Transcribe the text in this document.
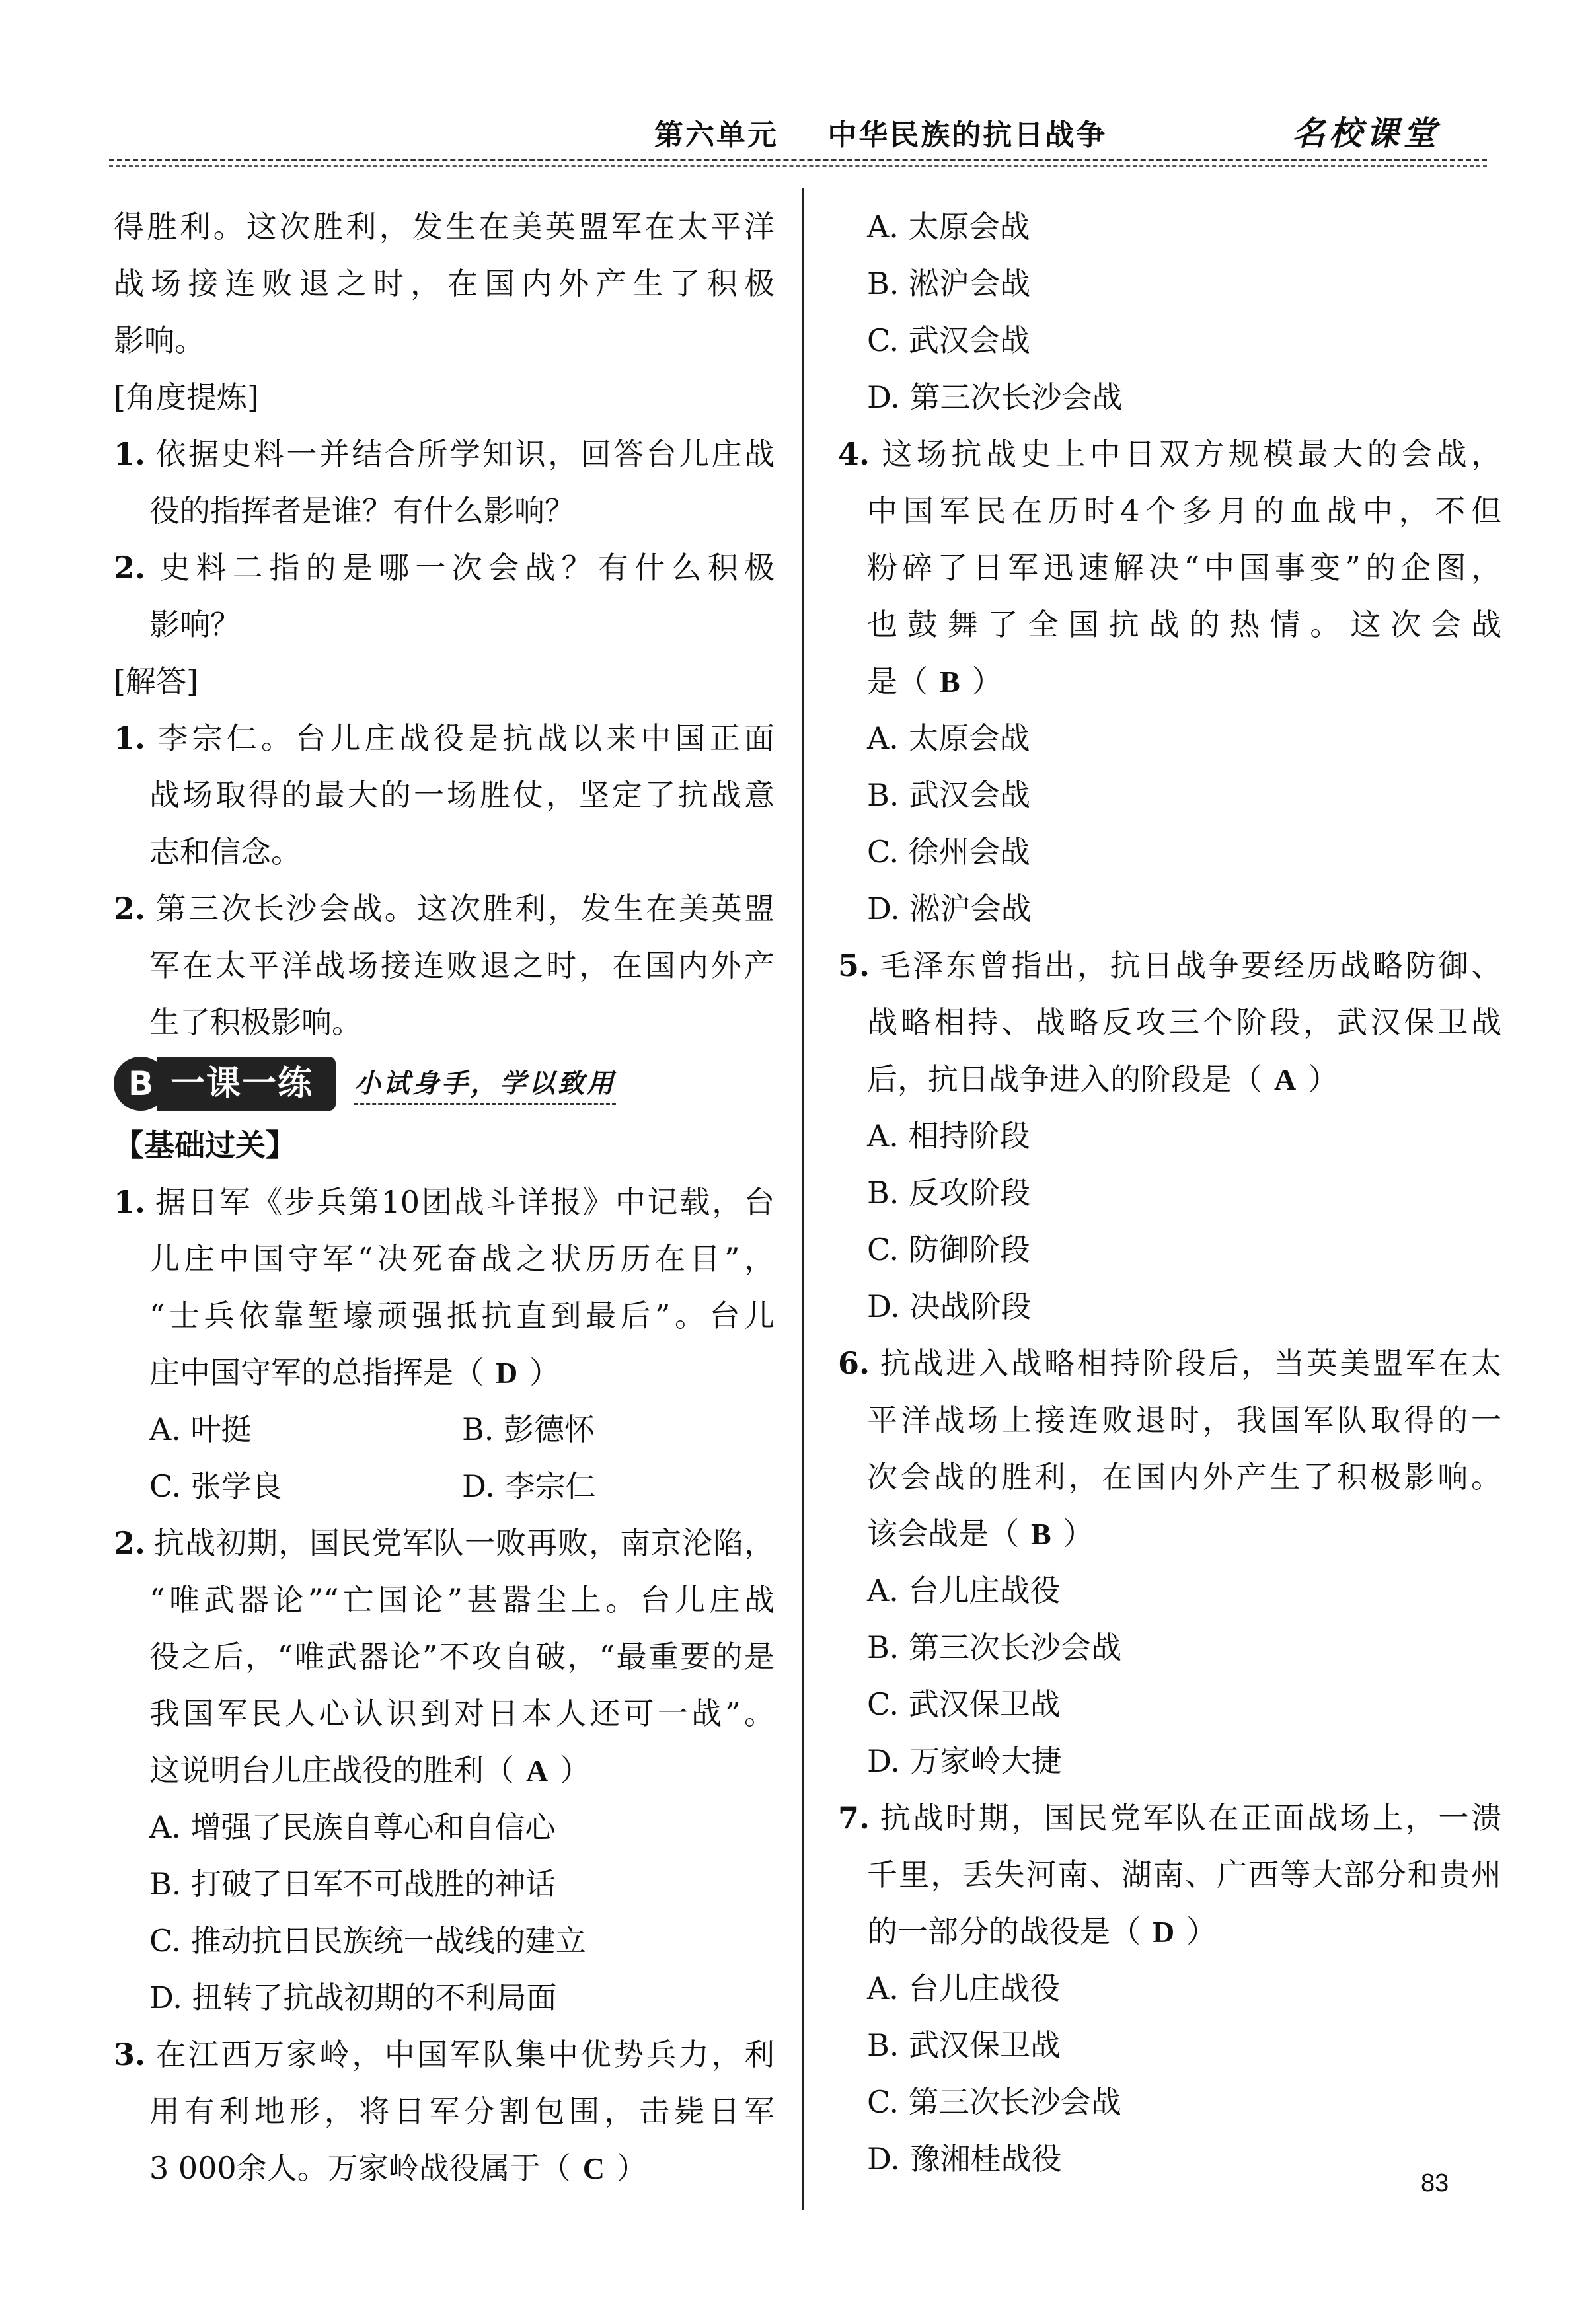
第六单元 中华民族的抗日战争	名校课堂
得胜利。这次胜利，发生在美英盟军在太平洋
战场接连败退之时，在国内外产生了积极
影响。
[角度提炼]
1. 依据史料一并结合所学知识，回答台儿庄战
役的指挥者是谁？有什么影响？
2. 史料二指的是哪一次会战？有什么积极
影响？
[解答]
1. 李宗仁。台儿庄战役是抗战以来中国正面
战场取得的最大的一场胜仗，坚定了抗战意
志和信念。
2. 第三次长沙会战。这次胜利，发生在美英盟
军在太平洋战场接连败退之时，在国内外产
生了积极影响。
B 一课一练	小试身手，学以致用
【基础过关】
1. 据日军《步兵第10团战斗详报》中记载，台
儿庄中国守军“决死奋战之状历历在目”，
“士兵依靠堑壕顽强抵抗直到最后”。台儿
庄中国守军的总指挥是（ D ）
A. 叶挺	B. 彭德怀
C. 张学良	D. 李宗仁
2. 抗战初期，国民党军队一败再败，南京沦陷，
“唯武器论”“亡国论”甚嚣尘上。台儿庄战
役之后，“唯武器论”不攻自破，“最重要的是
我国军民人心认识到对日本人还可一战”。
这说明台儿庄战役的胜利（ A ）
A. 增强了民族自尊心和自信心
B. 打破了日军不可战胜的神话
C. 推动抗日民族统一战线的建立
D. 扭转了抗战初期的不利局面
3. 在江西万家岭，中国军队集中优势兵力，利
用有利地形，将日军分割包围，击毙日军
3 000余人。万家岭战役属于（ C ）
A. 太原会战
B. 淞沪会战
C. 武汉会战
D. 第三次长沙会战
4. 这场抗战史上中日双方规模最大的会战，
中国军民在历时4个多月的血战中，不但
粉碎了日军迅速解决“中国事变”的企图，
也鼓舞了全国抗战的热情。这次会战
是（ B ）
A. 太原会战
B. 武汉会战
C. 徐州会战
D. 淞沪会战
5. 毛泽东曾指出，抗日战争要经历战略防御、
战略相持、战略反攻三个阶段，武汉保卫战
后，抗日战争进入的阶段是（ A ）
A. 相持阶段
B. 反攻阶段
C. 防御阶段
D. 决战阶段
6. 抗战进入战略相持阶段后，当英美盟军在太
平洋战场上接连败退时，我国军队取得的一
次会战的胜利，在国内外产生了积极影响。
该会战是（ B ）
A. 台儿庄战役
B. 第三次长沙会战
C. 武汉保卫战
D. 万家岭大捷
7. 抗战时期，国民党军队在正面战场上，一溃
千里，丢失河南、湖南、广西等大部分和贵州
的一部分的战役是（ D ）
A. 台儿庄战役
B. 武汉保卫战
C. 第三次长沙会战
D. 豫湘桂战役
83
